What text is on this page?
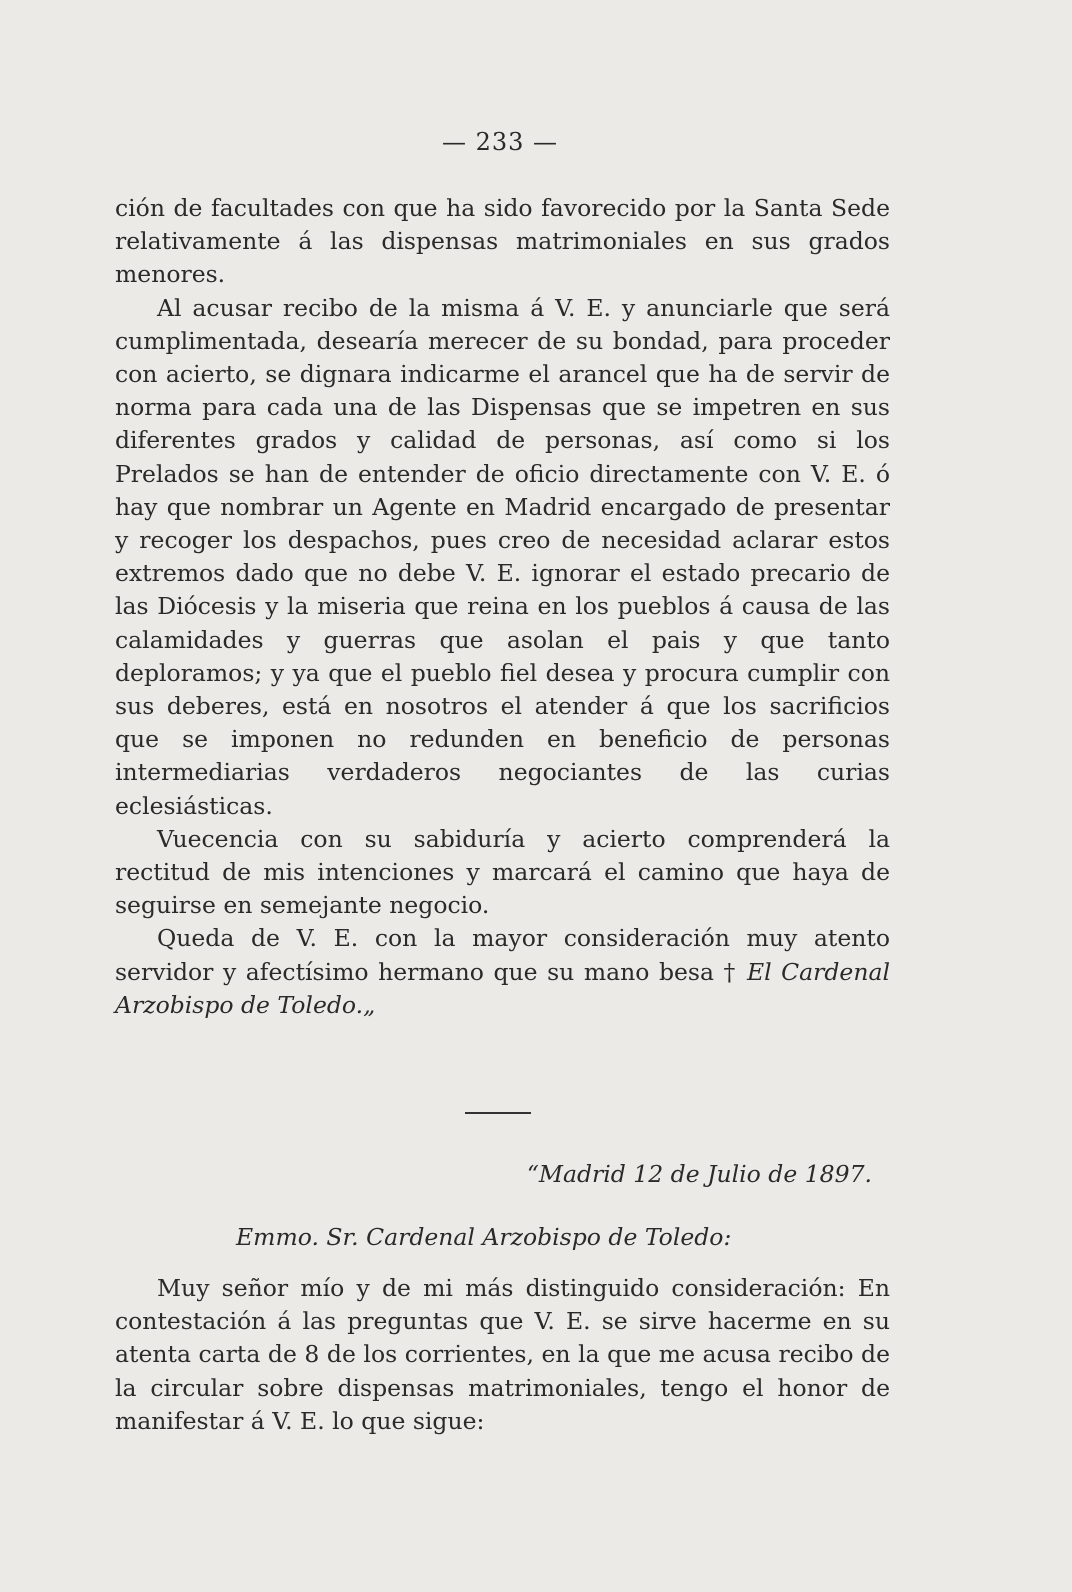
— 233 —

ción de facultades con que ha sido favorecido por la Santa Sede relativamente á las dispensas matrimoniales en sus grados menores.

Al acusar recibo de la misma á V. E. y anunciarle que será cumplimentada, desearía merecer de su bondad, para proceder con acierto, se dignara indicarme el arancel que ha de servir de norma para cada una de las Dispensas que se impetren en sus diferentes grados y calidad de personas, así como si los Prelados se han de entender de oficio directamente con V. E. ó hay que nombrar un Agente en Madrid encargado de presentar y recoger los despachos, pues creo de necesidad aclarar estos extremos dado que no debe V. E. ignorar el estado precario de las Diócesis y la miseria que reina en los pueblos á causa de las calamidades y guerras que asolan el pais y que tanto deploramos; y ya que el pueblo fiel desea y procura cumplir con sus deberes, está en nosotros el atender á que los sacrificios que se imponen no redunden en beneficio de personas intermediarias verdaderos negociantes de las curias eclesiásticas.

Vuecencia con su sabiduría y acierto comprenderá la rectitud de mis intenciones y marcará el camino que haya de seguirse en semejante negocio.

Queda de V. E. con la mayor consideración muy atento servidor y afectísimo hermano que su mano besa † El Cardenal Arzobispo de Toledo.„

“Madrid 12 de Julio de 1897.
Emmo. Sr. Cardenal Arzobispo de Toledo:

Muy señor mío y de mi más distinguido consideración: En contestación á las preguntas que V. E. se sirve hacerme en su atenta carta de 8 de los corrientes, en la que me acusa recibo de la circular sobre dispensas matrimoniales, tengo el honor de manifestar á V. E. lo que sigue:
